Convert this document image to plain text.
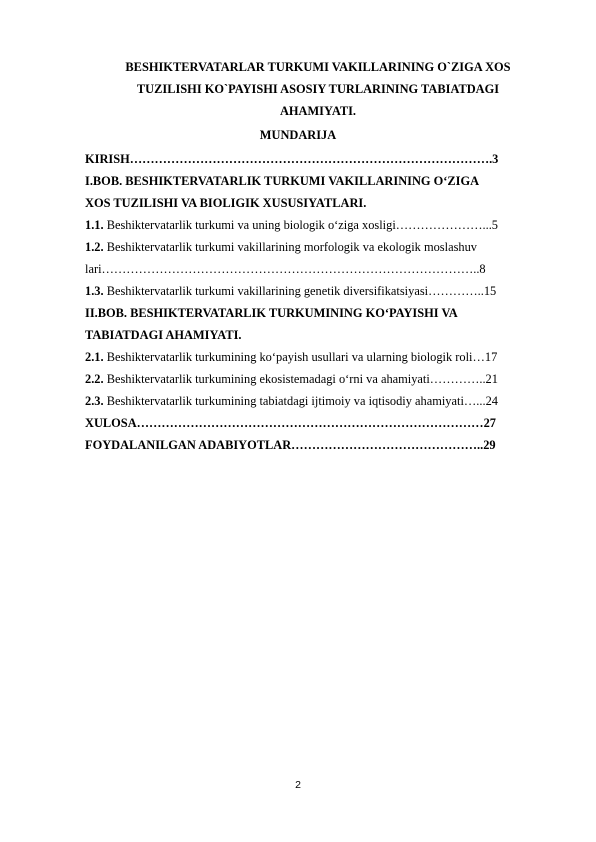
BESHIKTERVATARLAR TURKUMI VAKILLARINING O`ZIGA XOS
TUZILISHI KO`PAYISHI ASOSIY TURLARINING TABIATDAGI
AHAMIYATI.
MUNDARIJA
KIRISH…………………………………………………………………………….3
I.BOB. BESHIKTERVATARLIK TURKUMI VAKILLARINING O‘ZIGA
XOS TUZILISHI VA BIOLIGIK XUSUSIYATLARI.
1.1. Beshiktervatarlik turkumi va uning biologik o‘ziga xosligi…………………...5
1.2. Beshiktervatarlik turkumi vakillarining morfologik va ekologik moslashuv
lari………………………………………………………………………………..8
1.3. Beshiktervatarlik turkumi vakillarining genetik diversifikatsiyasi…………..15
II.BOB. BESHIKTERVATARLIK TURKUMINING KO‘PAYISHI VA
TABIATDAGI AHAMIYATI.
2.1. Beshiktervatarlik turkumining ko‘payish usullari va ularning biologik roli…17
2.2. Beshiktervatarlik turkumining ekosistemadagi o‘rni va ahamiyati…………..21
2.3. Beshiktervatarlik turkumining tabiatdagi ijtimoiy va iqtisodiy ahamiyati…...24
XULOSA…………………………………………………………………………27
FOYDALANILGAN ADABIYOTLAR………………………………………..29
2
